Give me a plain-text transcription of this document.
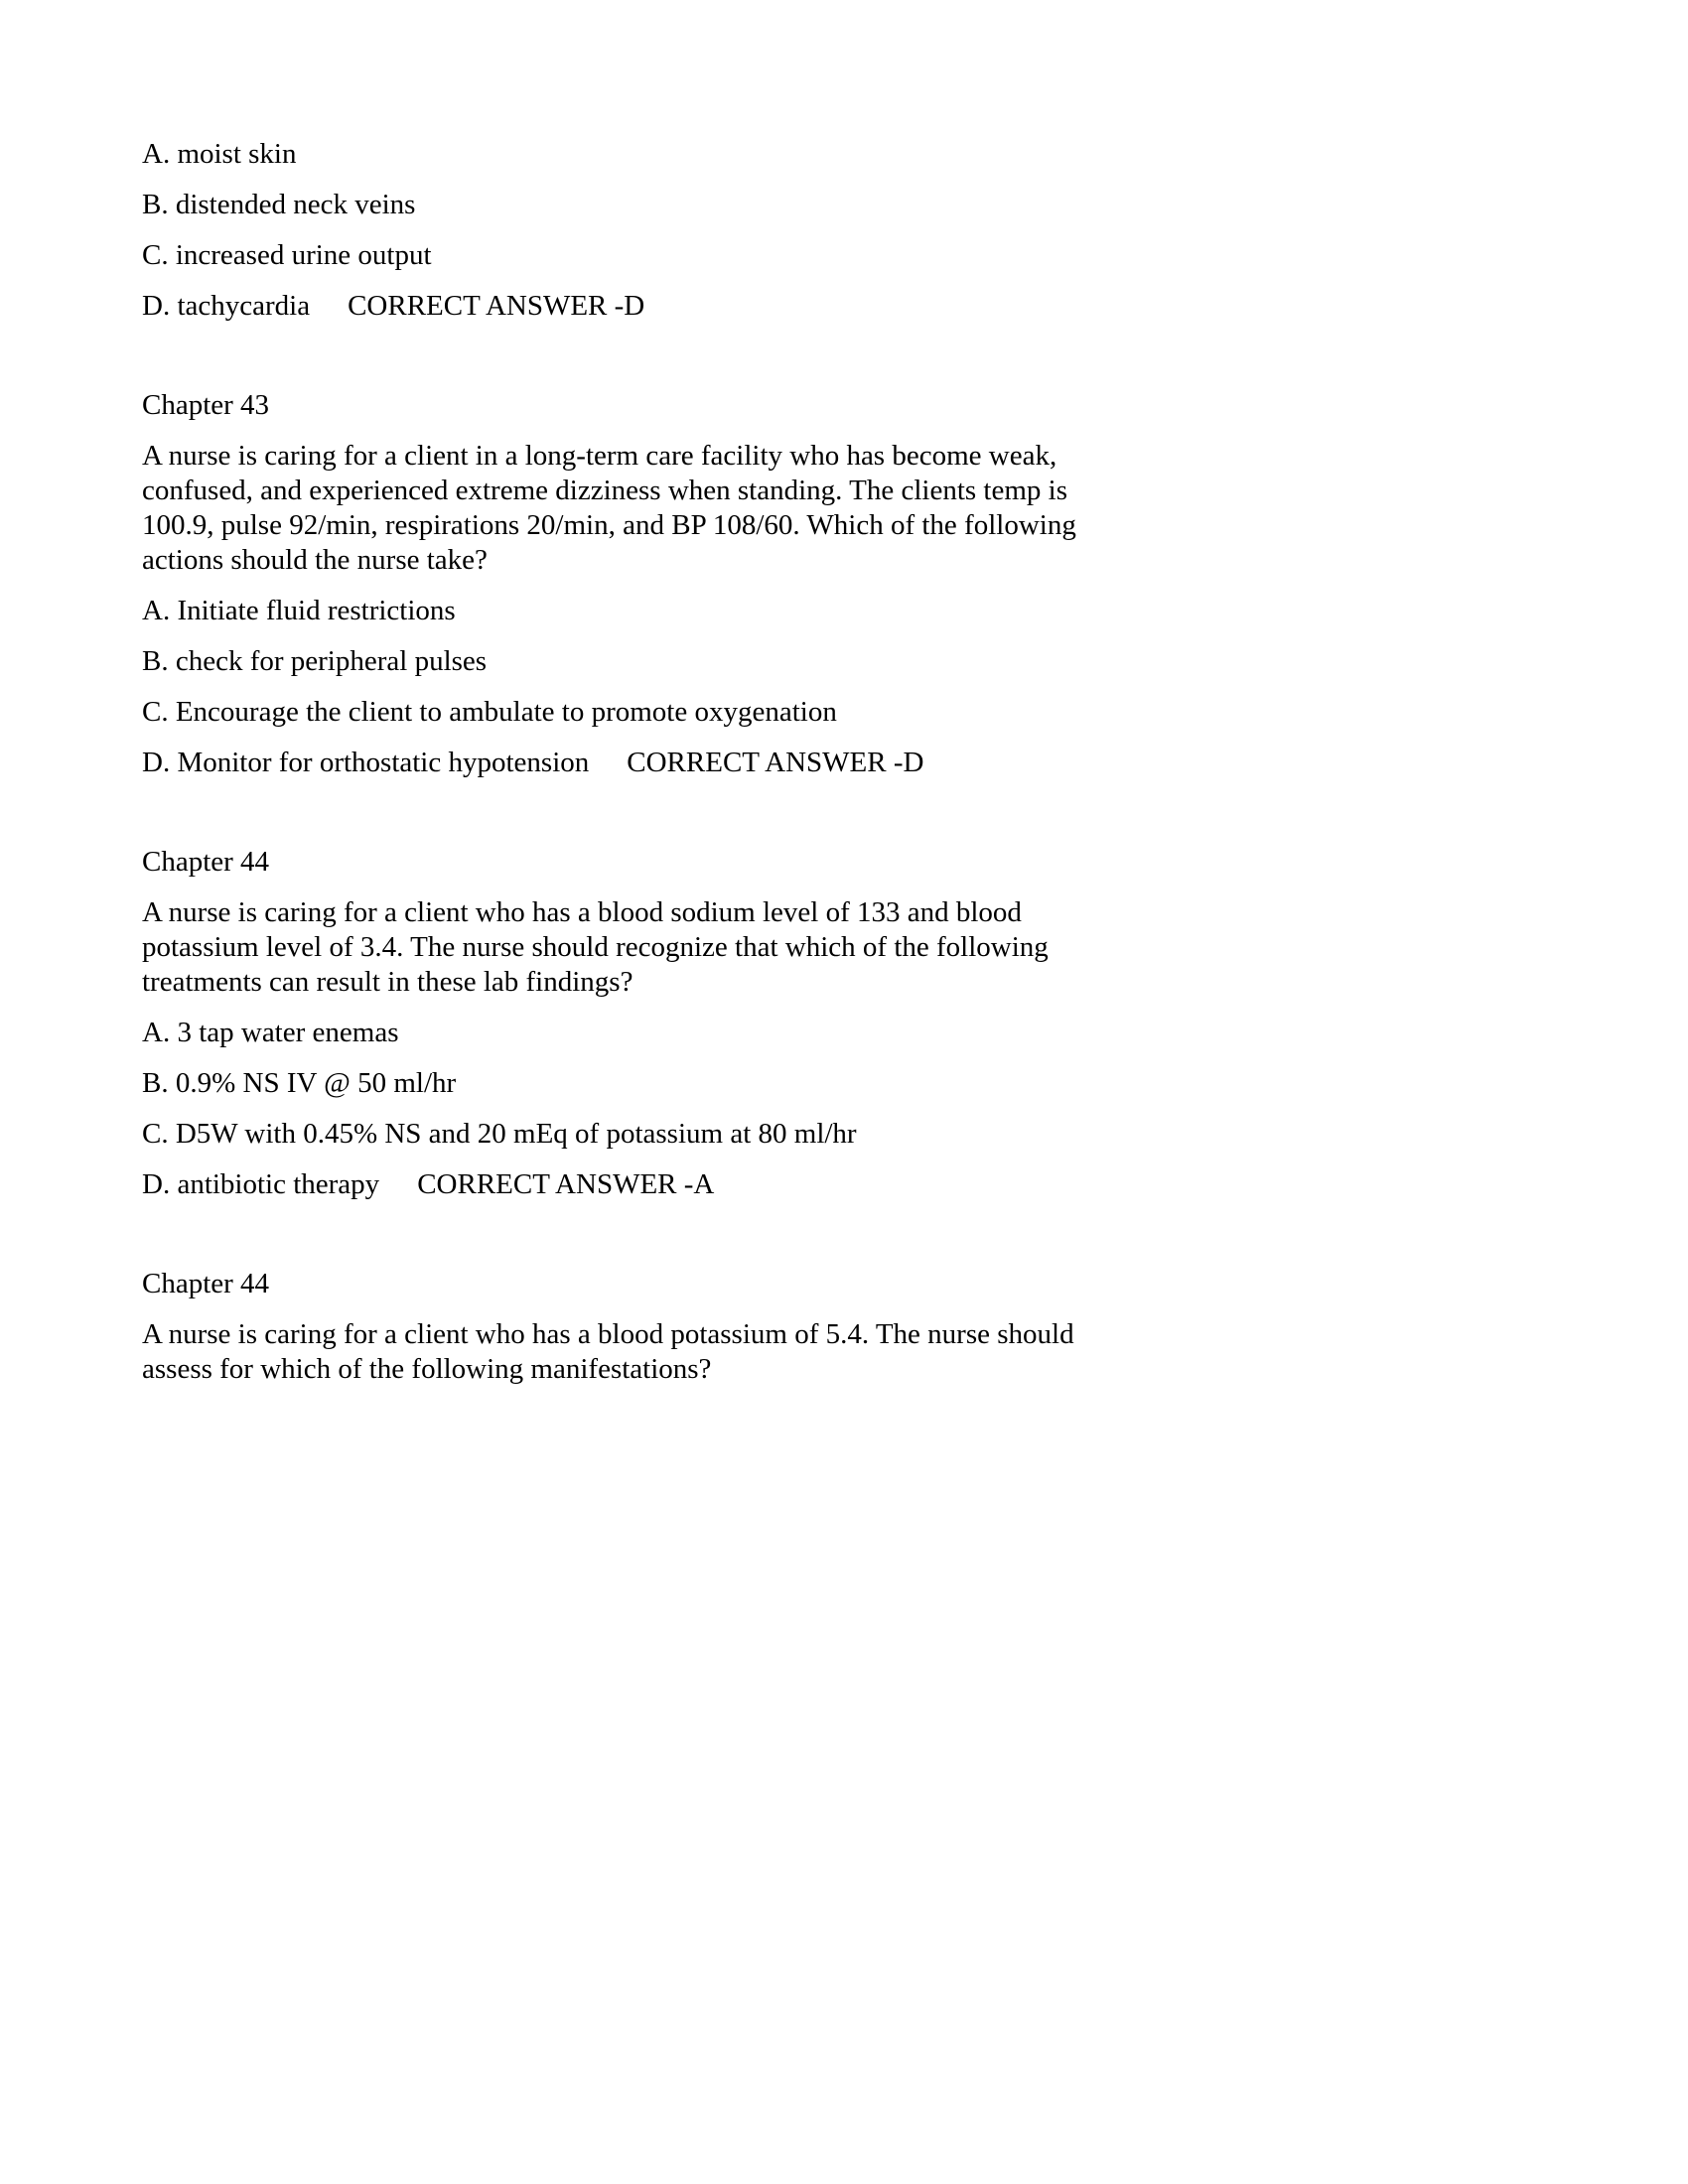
A. moist skin

B. distended neck veins

C. increased urine output

D. tachycardia CORRECT ANSWER -D

Chapter 43

A nurse is caring for a client in a long-term care facility who has become weak, confused, and experienced extreme dizziness when standing. The clients temp is 100.9, pulse 92/min, respirations 20/min, and BP 108/60. Which of the following actions should the nurse take?

A. Initiate fluid restrictions

B. check for peripheral pulses

C. Encourage the client to ambulate to promote oxygenation

D. Monitor for orthostatic hypotension CORRECT ANSWER -D

Chapter 44

A nurse is caring for a client who has a blood sodium level of 133 and blood potassium level of 3.4. The nurse should recognize that which of the following treatments can result in these lab findings?

A. 3 tap water enemas

B. 0.9% NS IV @ 50 ml/hr

C. D5W with 0.45% NS and 20 mEq of potassium at 80 ml/hr

D. antibiotic therapy CORRECT ANSWER -A

Chapter 44

A nurse is caring for a client who has a blood potassium of 5.4. The nurse should assess for which of the following manifestations?
